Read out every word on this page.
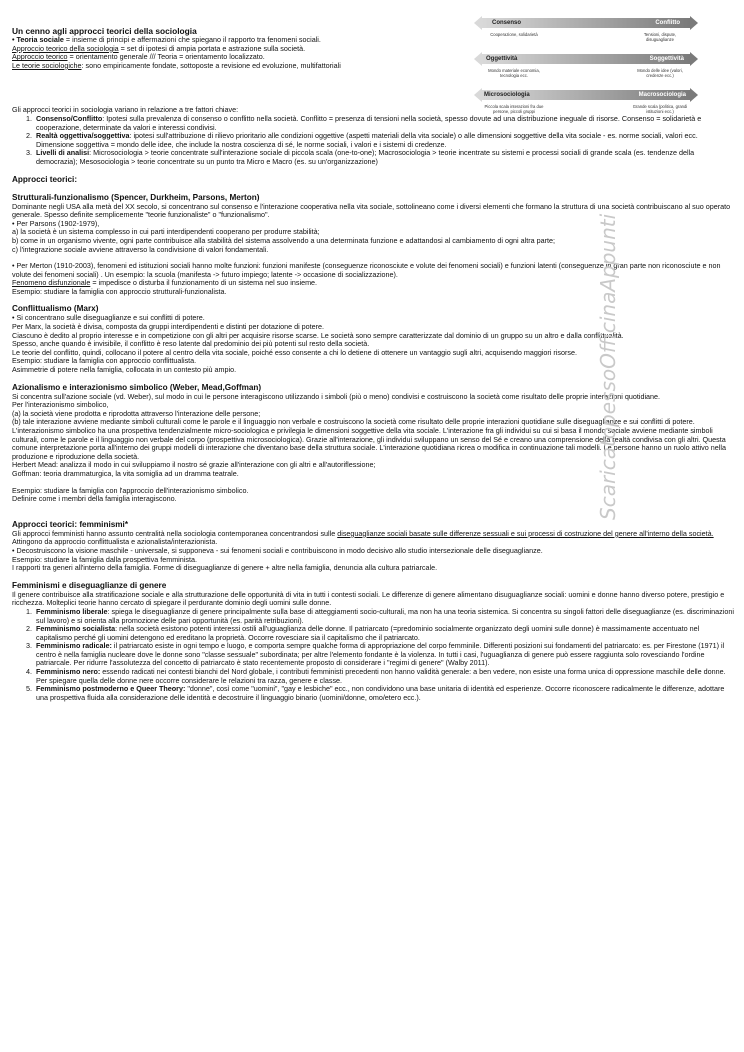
Un cenno agli approcci teorici della sociologia

• Teoria sociale = insieme di principi e affermazioni che spiegano il rapporto tra fenomeni sociali.

Approccio teorico della sociologia = set di ipotesi di ampia portata e astrazione sulla società.

Approccio teorico = orientamento generale /// Teoria = orientamento localizzato.

Le teorie sociologiche: sono empiricamente fondate, sottoposte a revisione ed evoluzione, multifattoriali

Gli approcci teorici in sociologia variano in relazione a tre fattori chiave:

1. Consenso/Conflitto: Ipotesi sulla prevalenza di consenso o conflitto nella società. Conflitto = presenza di tensioni nella società, spesso dovute ad una distribuzione ineguale di risorse. Consenso = solidarietà e cooperazione, determinate da valori e interessi condivisi.
2. Realtà oggettiva/soggettiva: ipotesi sull'attribuzione di rilievo prioritario alle condizioni oggettive (aspetti materiali della vita sociale) o alle dimensioni soggettive della vita sociale - es. norme sociali, valori ecc. Dimensione soggettiva = mondo delle idee, che include la nostra coscienza di sé, le norme sociali, i valori e i sistemi di credenze.
3. Livelli di analisi: Microsociologia > teorie concentrate sull'interazione sociale di piccola scala (one-to-one); Macrosociologia > teorie incentrate su sistemi e processi sociali di grande scala (es. tendenze della democrazia); Mesosociologia > teorie concentrate su un punto tra Micro e Macro (es. su un'organizzazione)

Approcci teorici:

Strutturali-funzionalismo (Spencer, Durkheim, Parsons, Merton)

Dominante negli USA alla metà del XX secolo, si concentrano sul consenso e l'interazione cooperativa nella vita sociale, sottolineano come i diversi elementi che formano la struttura di una società contribuiscano al suo operato generale. Spesso definite semplicemente "teorie funzionaliste" o "funzionalismo".

• Per Parsons (1902-1979),

a) la società è un sistema complesso in cui parti interdipendenti cooperano per produrre stabilità;

b) come in un organismo vivente, ogni parte contribuisce alla stabilità del sistema assolvendo a una determinata funzione e adattandosi al cambiamento di ogni altra parte;

c) l'integrazione sociale avviene attraverso la condivisione di valori fondamentali.

• Per Merton (1910-2003), fenomeni ed istituzioni sociali hanno molte funzioni: funzioni manifeste (conseguenze riconosciute e volute dei fenomeni sociali) e funzioni latenti (conseguenze in gran parte non riconosciute e non volute dei fenomeni sociali) . Un esempio: la scuola (manifesta -> futuro impiego; latente -> occasione di socializzazione).

Fenomeno disfunzionale = impedisce o disturba il funzionamento di un sistema nel suo insieme.

Esempio: studiare la famiglia con approccio strutturali-funzionalista.

Conflittualismo (Marx)

• Si concentrano sulle diseguaglianze e sui conflitti di potere.

Per Marx, la società è divisa, composta da gruppi interdipendenti e distinti per dotazione di potere.

Ciascuno è dedito al proprio interesse e in competizione con gli altri per acquisire risorse scarse. Le società sono sempre caratterizzate dal dominio di un gruppo su un altro e dalla conflittualità.

Spesso, anche quando è invisibile, il conflitto è reso latente dal predominio dei più potenti sul resto della società.

Le teorie del conflitto, quindi, collocano il potere al centro della vita sociale, poiché esso consente a chi lo detiene di ottenere un vantaggio sugli altri, acquisendo maggiori risorse.

Esempio: studiare la famiglia con approccio conflittualista.

Asimmetrie di potere nella famiglia, collocata in un contesto più ampio.

Azionalismo e interazionismo simbolico (Weber, Mead,Goffman)

Si concentra sull'azione sociale (vd. Weber), sul modo in cui le persone interagiscono utilizzando i simboli (più o meno) condivisi e costruiscono la società come risultato delle proprie interazioni quotidiane.

Per l'interazionismo simbolico,

(a) la società viene prodotta e riprodotta attraverso l'interazione delle persone;

(b) tale interazione avviene mediante simboli culturali come le parole e il linguaggio non verbale e costruiscono la società come risultato delle proprie interazioni quotidiane sulle diseguaglianze e sui conflitti di potere.

L'interazionismo simbolico ha una prospettiva tendenzialmente micro-sociologica e privilegia le dimensioni soggettive della vita sociale. L'interazione fra gli individui su cui si basa il mondo sociale avviene mediante simboli culturali, come le parole e il linguaggio non verbale del corpo (prospettiva microsociologica). Grazie all'interazione, gli individui sviluppano un senso del Sé e creano una comprensione della realtà condivisa con gli altri. Questa comune interpretazione porta all'interno dei gruppi modelli di interazione che diventano base della struttura sociale. L'interazione quotidiana ricrea o modifica in continuazione tali modelli. Le persone hanno un ruolo attivo nella produzione e riproduzione della società.

Herbert Mead: analizza il modo in cui sviluppiamo il nostro sé grazie all'interazione con gli altri e all'autoriflessione;

Goffman: teoria drammaturgica, la vita somiglia ad un dramma teatrale.

Esempio: studiare la famiglia con l'approccio dell'interazionismo simbolico.

Definire come i membri della famiglia interagiscono.

Approcci teorici: femminismi*

Gli approcci femministi hanno assunto centralità nella sociologia contemporanea concentrandosi sulle diseguaglianze sociali basate sulle differenze sessuali e sui processi di costruzione del genere all'interno della società.

Attingono da approccio conflittualista e azionalista/interazionista.

• Decostruiscono la visione maschile - universale, si supponeva - sui fenomeni sociali e contribuiscono in modo decisivo allo studio intersezionale delle diseguaglianze.

Esempio: studiare la famiglia dalla prospettiva femminista.

I rapporti tra generi all'interno della famiglia. Forme di diseguaglianze di genere + altre nella famiglia, denuncia alla cultura patriarcale.

Femminismi e diseguaglianze di genere

Il genere contribuisce alla stratificazione sociale e alla strutturazione delle opportunità di vita in tutti i contesti sociali. Le differenze di genere alimentano disuguaglianze sociali: uomini e donne hanno diverso potere, prestigio e ricchezza. Molteplici teorie hanno cercato di spiegare il perdurante dominio degli uomini sulle donne.

1. Femminismo liberale: spiega le diseguaglianze di genere principalmente sulla base di atteggiamenti socio-culturali, ma non ha una teoria sistemica. Si concentra su singoli fattori delle diseguaglianze (es. discriminazioni sul lavoro) e si orienta alla promozione delle pari opportunità (es. parità retribuzioni).
2. Femminismo socialista: nella società esistono potenti interessi ostili all'uguaglianza delle donne. Il patriarcato (=predominio socialmente organizzato degli uomini sulle donne) è massimamente accentuato nel capitalismo perché gli uomini detengono ed ereditano la proprietà. Occorre rovesciare sia il capitalismo che il patriarcato.
3. Femminismo radicale: il patriarcato esiste in ogni tempo e luogo, e comporta sempre qualche forma di appropriazione del corpo femminile. Differenti posizioni sui fondamenti del patriarcato: es. per Firestone (1971) il centro è nella famiglia nucleare dove le donne sono "classe sessuale" subordinata; per altre l'elemento fondante è la violenza. In tutti i casi, l'uguaglianza di genere può essere raggiunta solo rovesciando l'ordine patriarcale. Per ridurre l'assolutezza del concetto di patriarcato è stato recentemente proposto di considerare i "regimi di genere" (Walby 2011).
4. Femminismo nero: essendo radicati nei contesti bianchi del Nord globale, i contributi femministi precedenti non hanno validità generale: a ben vedere, non esiste una forma unica di oppressione maschile delle donne. Per spiegare quella delle donne nere occorre considerare le relazioni tra razza, genere e classe.
5. Femminismo postmoderno e Queer Theory: "donne", così come "uomini", "gay e lesbiche" ecc., non condividono una base unitaria di identità ed esperienze. Occorre riconoscere radicalmente le differenze, adottare una prospettiva fluida alla considerazione delle identità e decostruire il linguaggio binario (uomini/donne, omo/etero ecc.).
Consenso	Conflitto
Cooperazione, solidarietà	Tensioni, dispute, disuguaglianze
Oggettività	Soggettività
Mondo materiale economia, tecnologia ecc.
Mondo delle idee (valori, credenze ecc.)
Microsociologia	Macrosociologia
Piccola scala interazioni fra due persone, piccoli gruppi
Grande scala (politica, grandi istituzioni ecc.)
ScaricatopessoOfficinaAppunti
